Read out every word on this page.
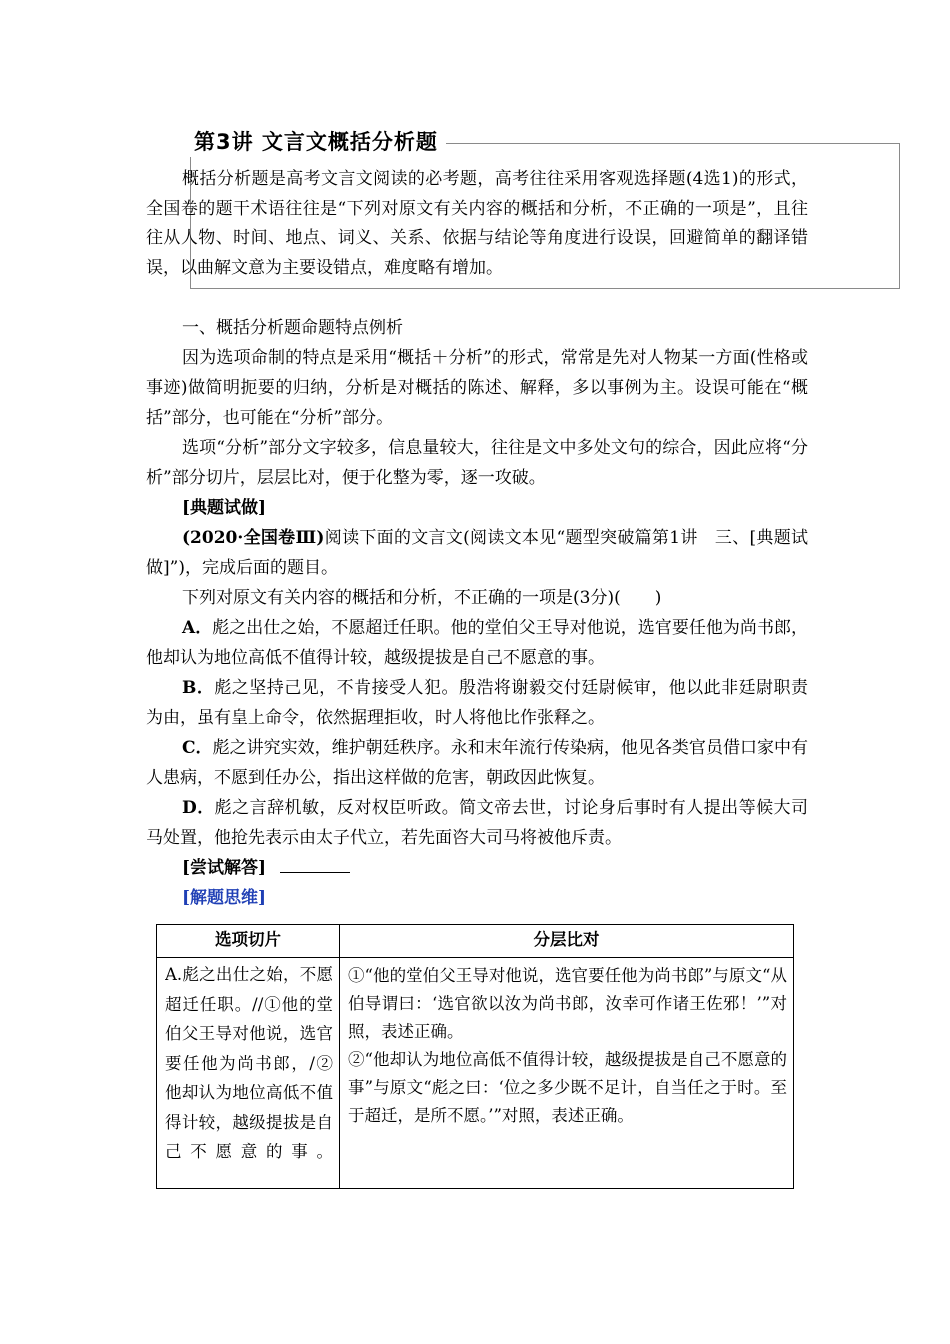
第3讲 文言文概括分析题

概括分析题是高考文言文阅读的必考题，高考往往采用客观选择题(4选1)的形式，全国卷的题干术语往往是“下列对原文有关内容的概括和分析，不正确的一项是”，且往往从人物、时间、地点、词义、关系、依据与结论等角度进行设误，回避简单的翻译错误，以曲解文意为主要设错点，难度略有增加。

一、概括分析题命题特点例析

因为选项命制的特点是采用“概括＋分析”的形式，常常是先对人物某一方面(性格或事迹)做简明扼要的归纳，分析是对概括的陈述、解释，多以事例为主。设误可能在“概括”部分，也可能在“分析”部分。

选项“分析”部分文字较多，信息量较大，往往是文中多处文句的综合，因此应将“分析”部分切片，层层比对，便于化整为零，逐一攻破。

[典题试做]

(2020·全国卷Ⅲ)阅读下面的文言文(阅读文本见“题型突破篇第1讲　三、[典题试做]”)，完成后面的题目。

下列对原文有关内容的概括和分析，不正确的一项是(3分)(　　)

A．彪之出仕之始，不愿超迁任职。他的堂伯父王导对他说，选官要任他为尚书郎，他却认为地位高低不值得计较，越级提拔是自己不愿意的事。

B．彪之坚持己见，不肯接受人犯。殷浩将谢毅交付廷尉候审，他以此非廷尉职责为由，虽有皇上命令，依然据理拒收，时人将他比作张释之。

C．彪之讲究实效，维护朝廷秩序。永和末年流行传染病，他见各类官员借口家中有人患病，不愿到任办公，指出这样做的危害，朝政因此恢复。

D．彪之言辞机敏，反对权臣听政。简文帝去世，讨论身后事时有人提出等候大司马处置，他抢先表示由太子代立，若先面咨大司马将被他斥责。

[尝试解答]

[解题思维]

选项切片	分层比对

A.彪之出仕之始，不愿超迁任职。//①他的堂伯父王导对他说，选官要任他为尚书郎，/②他却认为地位高低不值得计较，越级提拔是自己不愿意的事。	①“他的堂伯父王导对他说，选官要任他为尚书郎”与原文“从伯导谓曰：‘选官欲以汝为尚书郎，汝幸可作诸王佐邪！’”对照，表述正确。
②“他却认为地位高低不值得计较，越级提拔是自己不愿意的事”与原文“彪之曰：‘位之多少既不足计，自当任之于时。至于超迁，是所不愿。’”对照，表述正确。
